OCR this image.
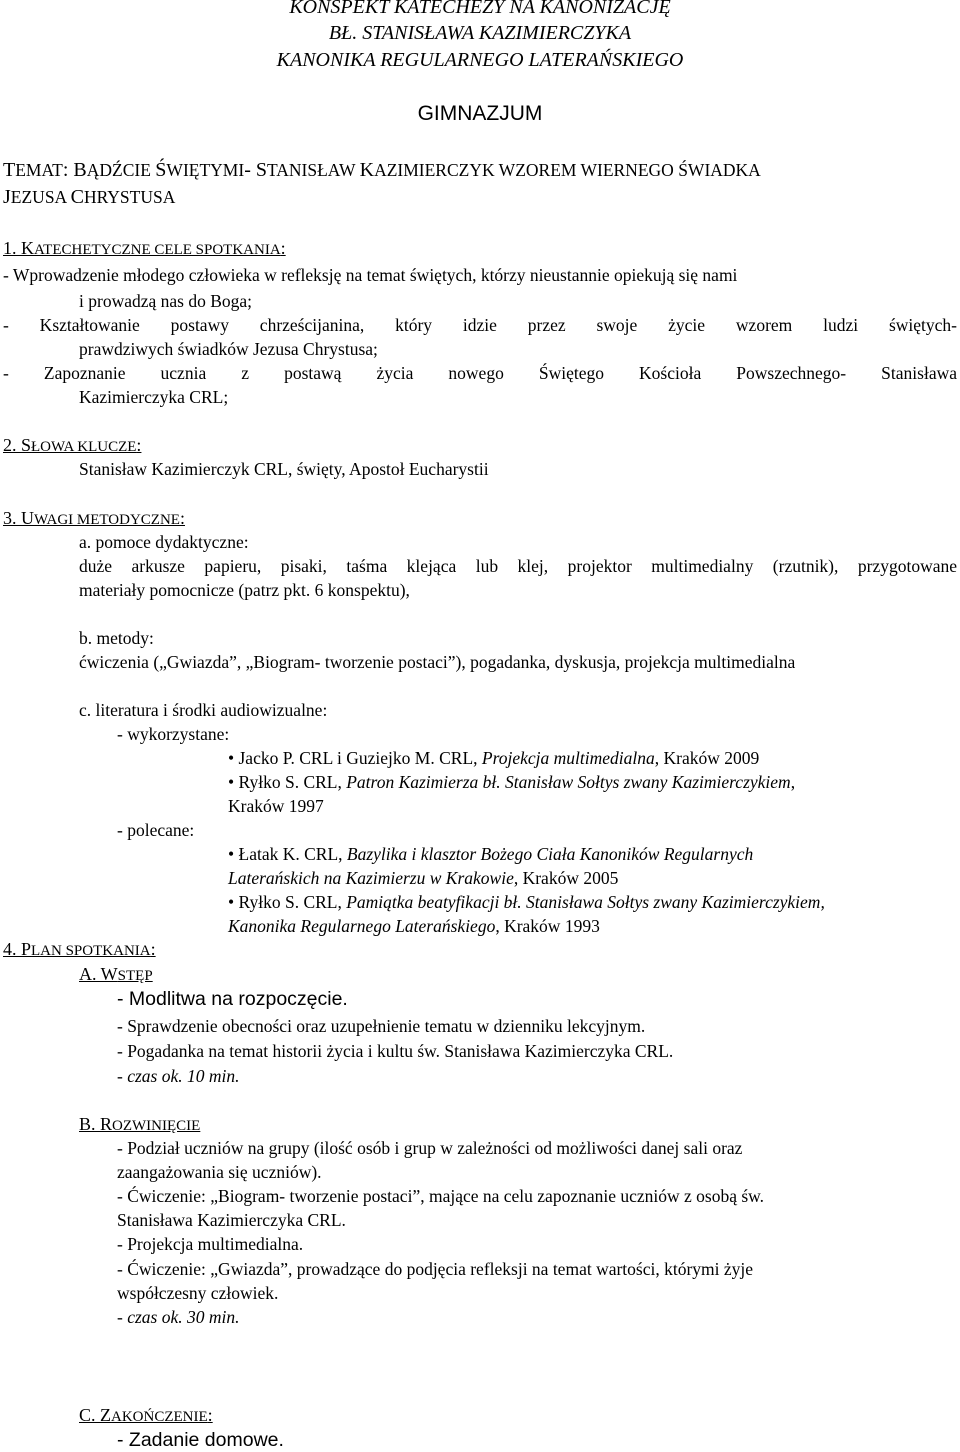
KONSPEKT KATECHEZY NA KANONIZACJĘ
BŁ. STANISŁAWA KAZIMIERCZYKA
KANONIKA REGULARNEGO LATERAŃSKIEGO
GIMNAZJUM
TEMAT: BĄDŹCIE ŚWIĘTYMI- STANISŁAW KAZIMIERCZYK WZOREM WIERNEGO ŚWIADKA
JEZUSA CHRYSTUSA
1. KATECHETYCZNE CELE SPOTKANIA:
- Wprowadzenie młodego człowieka w refleksję na temat świętych, którzy nieustannie opiekują się nami
i prowadzą nas do Boga;
- Kształtowanie postawy chrześcijanina, który idzie przez swoje życie wzorem ludzi świętych-
prawdziwych świadków Jezusa Chrystusa;
- Zapoznanie ucznia z postawą życia nowego Świętego Kościoła Powszechnego- Stanisława
Kazimierczyka CRL;
2. SŁOWA KLUCZE:
Stanisław Kazimierczyk CRL, święty, Apostoł Eucharystii
3. UWAGI METODYCZNE:
a. pomoce dydaktyczne:
duże arkusze papieru, pisaki, taśma klejąca lub klej, projektor multimedialny (rzutnik), przygotowane
materiały pomocnicze (patrz pkt. 6 konspektu),
b. metody:
ćwiczenia („Gwiazda”, „Biogram- tworzenie postaci”), pogadanka, dyskusja, projekcja multimedialna
c. literatura i środki audiowizualne:
- wykorzystane:
• Jacko P. CRL i Guziejko M. CRL, Projekcja multimedialna, Kraków 2009
• Ryłko S. CRL, Patron Kazimierza bł. Stanisław Sołtys zwany Kazimierczykiem,
Kraków 1997
- polecane:
• Łatak K. CRL, Bazylika i klasztor Bożego Ciała Kanoników Regularnych
Laterańskich na Kazimierzu w Krakowie, Kraków 2005
• Ryłko S. CRL, Pamiątka beatyfikacji bł. Stanisława Sołtys zwany Kazimierczykiem,
Kanonika Regularnego Laterańskiego, Kraków 1993
4. PLAN SPOTKANIA:
A. WSTĘP
- Modlitwa na rozpoczęcie.
- Sprawdzenie obecności oraz uzupełnienie tematu w dzienniku lekcyjnym.
- Pogadanka na temat historii życia i kultu św. Stanisława Kazimierczyka CRL.
- czas ok. 10 min.
B. ROZWINIĘCIE
- Podział uczniów na grupy (ilość osób i grup w zależności od możliwości danej sali oraz
zaangażowania się uczniów).
- Ćwiczenie: „Biogram- tworzenie postaci”, mające na celu zapoznanie uczniów z osobą św.
Stanisława Kazimierczyka CRL.
- Projekcja multimedialna.
- Ćwiczenie: „Gwiazda”, prowadzące do podjęcia refleksji na temat wartości, którymi żyje
współczesny człowiek.
- czas ok. 30 min.
C. ZAKOŃCZENIE:
- Zadanie domowe.
